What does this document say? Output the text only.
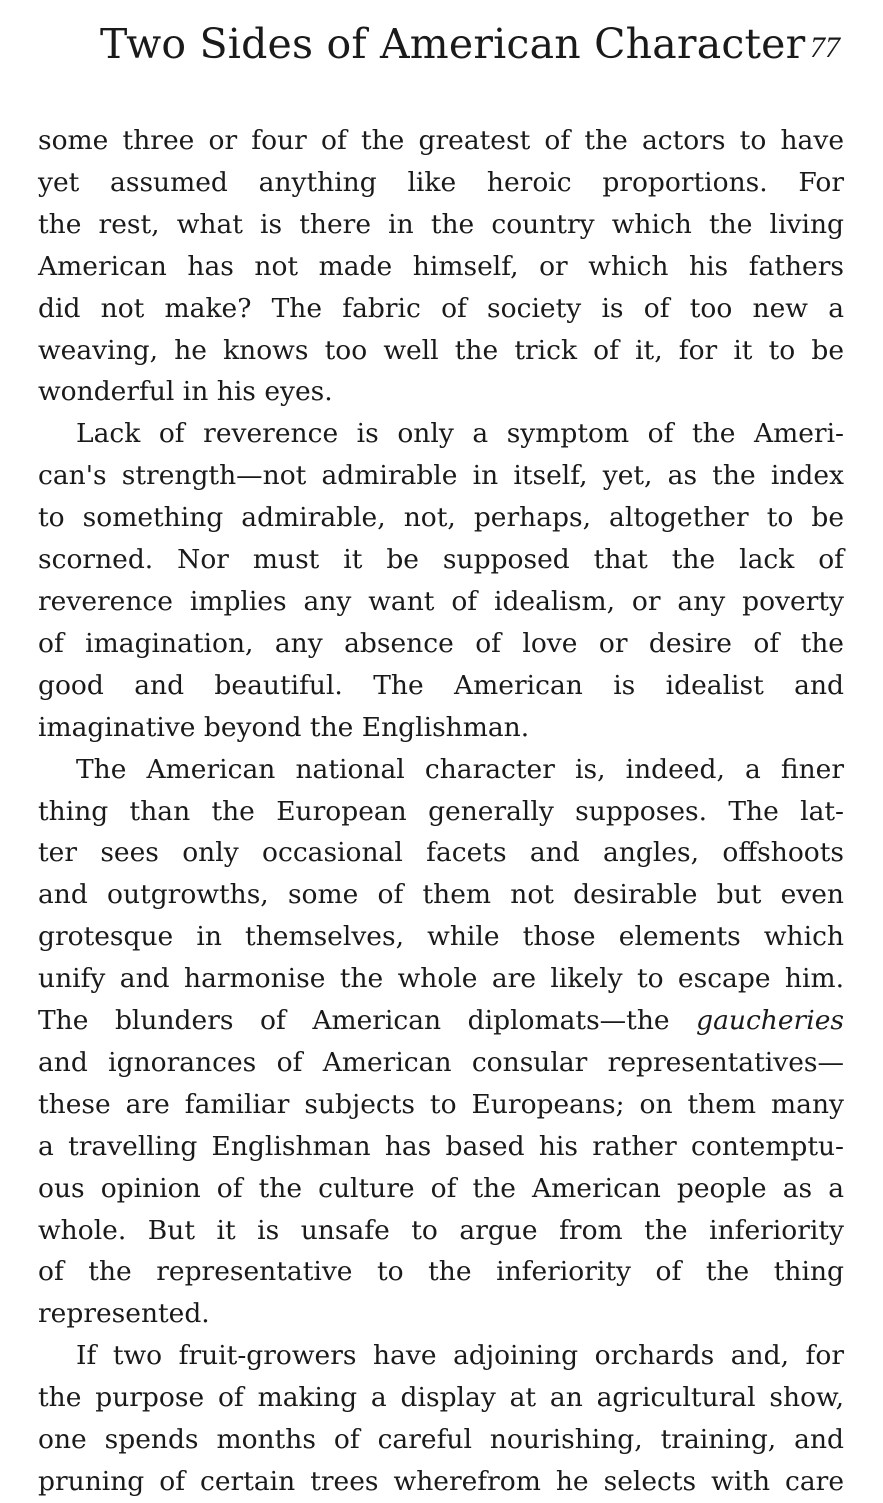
Two Sides of American Character 77

some three or four of the greatest of the actors to have
yet assumed anything like heroic proportions. For
the rest, what is there in the country which the living
American has not made himself, or which his fathers
did not make? The fabric of society is of too new a
weaving, he knows too well the trick of it, for it to be
wonderful in his eyes.

Lack of reverence is only a symptom of the Ameri-
can's strength—not admirable in itself, yet, as the index
to something admirable, not, perhaps, altogether to be
scorned. Nor must it be supposed that the lack of
reverence implies any want of idealism, or any poverty
of imagination, any absence of love or desire of the
good and beautiful. The American is idealist and
imaginative beyond the Englishman.

The American national character is, indeed, a finer
thing than the European generally supposes. The lat-
ter sees only occasional facets and angles, offshoots
and outgrowths, some of them not desirable but even
grotesque in themselves, while those elements which
unify and harmonise the whole are likely to escape him.
The blunders of American diplomats—the gaucheries
and ignorances of American consular representatives—
these are familiar subjects to Europeans; on them many
a travelling Englishman has based his rather contemptu-
ous opinion of the culture of the American people as a
whole. But it is unsafe to argue from the inferiority
of the representative to the inferiority of the thing
represented.

If two fruit-growers have adjoining orchards and, for
the purpose of making a display at an agricultural show,
one spends months of careful nourishing, training, and
pruning of certain trees wherefrom he selects with care
